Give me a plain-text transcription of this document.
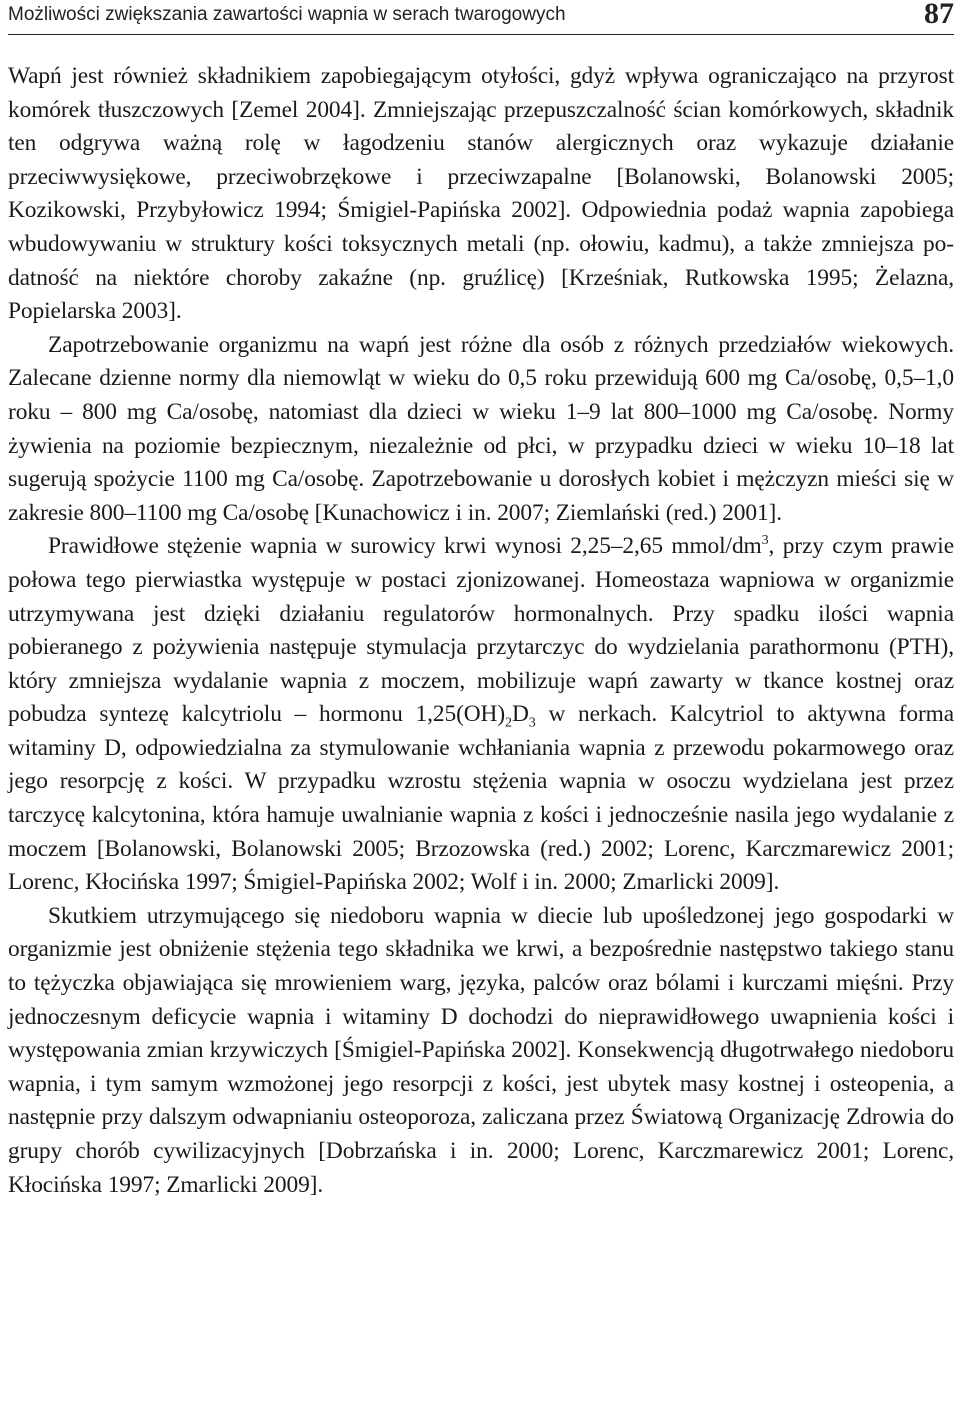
Możliwości zwiększania zawartości wapnia w serach twarogowych	87

Wapń jest również składnikiem zapobiegającym otyłości, gdyż wpływa ograniczająco na przyrost komórek tłuszczowych [Zemel 2004]. Zmniejszając przepuszczalność ścian komórkowych, składnik ten odgrywa ważną rolę w łagodzeniu stanów alergicznych oraz wykazuje działanie przeciwwysiękowe, przeciwobrzękowe i przeciwzapalne [Bolanowski, Bolanowski 2005; Kozikowski, Przybyłowicz 1994; Śmigiel-Papińska 2002]. Odpowiednia podaż wapnia zapobiega wbudowywaniu w struktury kości toksycznych metali (np. ołowiu, kadmu), a także zmniejsza podatność na niektóre choroby zakaźne (np. gruźlicę) [Krześniak, Rutkowska 1995; Żelazna, Popielarska 2003].

Zapotrzebowanie organizmu na wapń jest różne dla osób z różnych przedziałów wiekowych. Zalecane dzienne normy dla niemowląt w wieku do 0,5 roku przewidują 600 mg Ca/osobę, 0,5–1,0 roku – 800 mg Ca/osobę, natomiast dla dzieci w wieku 1–9 lat 800–1000 mg Ca/osobę. Normy żywienia na poziomie bezpiecznym, niezależnie od płci, w przypadku dzieci w wieku 10–18 lat sugerują spożycie 1100 mg Ca/osobę. Zapotrzebowanie u dorosłych kobiet i mężczyzn mieści się w zakresie 800–1100 mg Ca/osobę [Kunachowicz i in. 2007; Ziemlański (red.) 2001].

Prawidłowe stężenie wapnia w surowicy krwi wynosi 2,25–2,65 mmol/$dm^3$, przy czym prawie połowa tego pierwiastka występuje w postaci zjonizowanej. Homeostaza wapniowa w organizmie utrzymywana jest dzięki działaniu regulatorów hormonalnych. Przy spadku ilości wapnia pobieranego z pożywienia następuje stymulacja przytarczyc do wydzielania parathormonu (PTH), który zmniejsza wydalanie wapnia z moczem, mobilizuje wapń zawarty w tkance kostnej oraz pobudza syntezę kalcytriolu – hormonu $1,25(OH)_2D_3$ w nerkach. Kalcytriol to aktywna forma witaminy D, odpowiedzialna za stymulowanie wchłaniania wapnia z przewodu pokarmowego oraz jego resorpcję z kości. W przypadku wzrostu stężenia wapnia w osoczu wydzielana jest przez tarczycę kalcytonina, która hamuje uwalnianie wapnia z kości i jednocześnie nasila jego wydalanie z moczem [Bolanowski, Bolanowski 2005; Brzozowska (red.) 2002; Lorenc, Karczmarewicz 2001; Lorenc, Kłocińska 1997; Śmigiel-Papińska 2002; Wolf i in. 2000; Zmarlicki 2009].

Skutkiem utrzymującego się niedoboru wapnia w diecie lub upośledzonej jego gospodarki w organizmie jest obniżenie stężenia tego składnika we krwi, a bezpośrednie następstwo takiego stanu to tężyczka objawiająca się mrowieniem warg, języka, palców oraz bólami i kurczami mięśni. Przy jednoczesnym deficycie wapnia i witaminy D dochodzi do nieprawidłowego uwapnienia kości i występowania zmian krzywiczych [Śmigiel-Papińska 2002]. Konsekwencją długotrwałego niedoboru wapnia, i tym samym wzmożonej jego resorpcji z kości, jest ubytek masy kostnej i osteopenia, a następnie przy dalszym odwapnianiu osteoporoza, zaliczana przez Światową Organizację Zdrowia do grupy chorób cywilizacyjnych [Dobrzańska i in. 2000; Lorenc, Karczmarewicz 2001; Lorenc, Kłocińska 1997; Zmarlicki 2009].
